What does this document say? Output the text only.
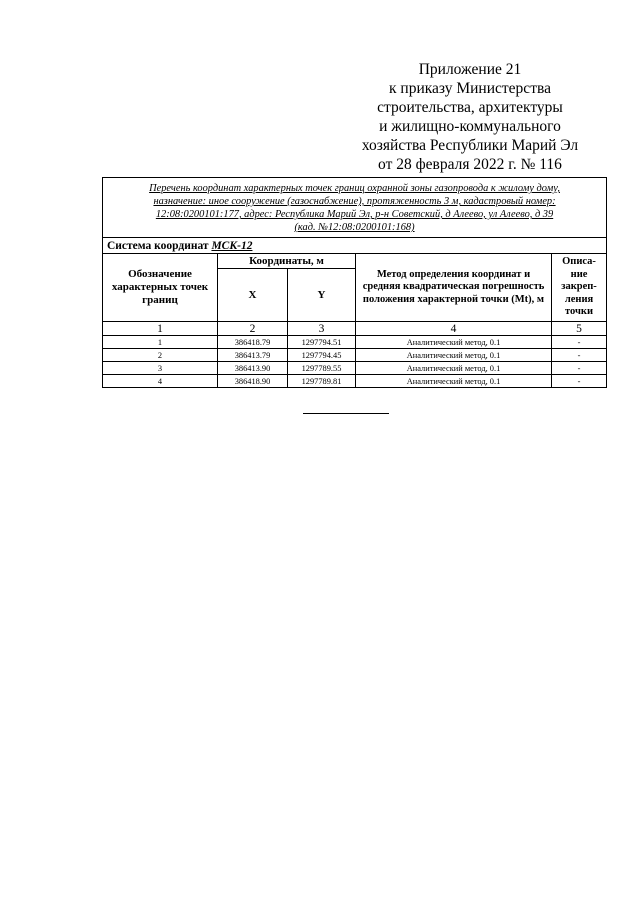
Приложение 21
к приказу Министерства
строительства, архитектуры
и жилищно-коммунального
хозяйства Республики Марий Эл
от 28 февраля 2022 г. № 116
Перечень координат характерных точек границ охранной зоны газопровода к жилому дому,
назначение: иное сооружение (газоснабжение), протяженность 3 м, кадастровый номер:
12:08:0200101:177, адрес: Республика Марий Эл, р-н Советский, д Алеево, ул Алеево, д 39
(кад. №12:08:0200101:168)				

Система координат МСК-12				
Обозначение характерных точек границ	Координаты, м		Метод определения координат и средняя квадратическая погрешность положения характерной точки (Mt), м	Описа-
ние
закреп-
ления
точки

	X	Y		
1	2	3	4	5
1	386418.79	1297794.51	Аналитический метод, 0.1	-
2	386413.79	1297794.45	Аналитический метод, 0.1	-
3	386413.90	1297789.55	Аналитический метод, 0.1	-
4	386418.90	1297789.81	Аналитический метод, 0.1	-
